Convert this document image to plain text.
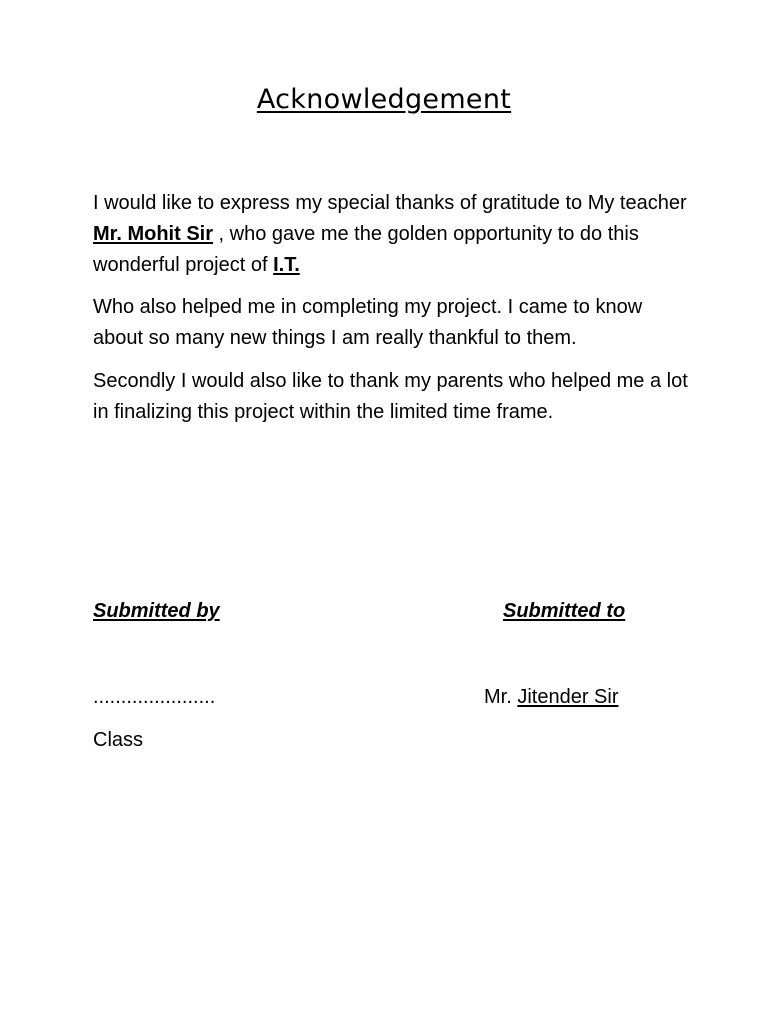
Acknowledgement

I would like to express my special thanks of gratitude to My teacher Mr. Mohit Sir , who gave me the golden opportunity to do this wonderful project of I.T.

Who also helped me in completing my project. I came to know about so many new things I am really thankful to them.

Secondly I would also like to thank my parents who helped me a lot in finalizing this project within the limited time frame.

Submitted by	Submitted to
......................	Mr. Jitender Sir
Class
